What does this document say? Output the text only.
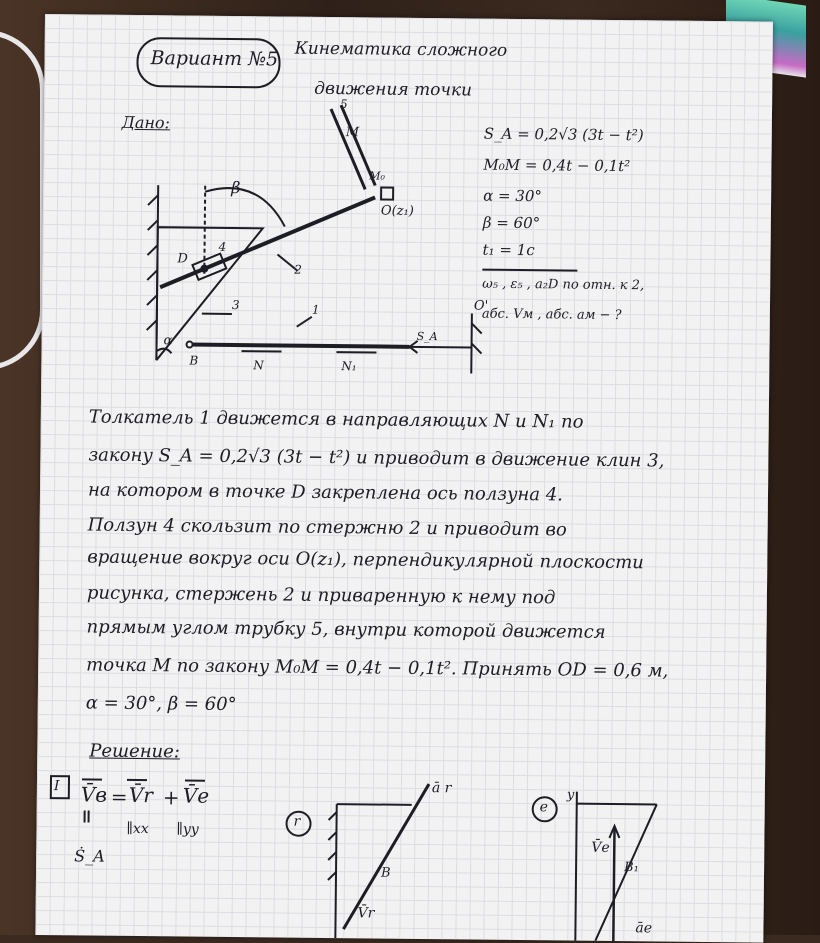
Вариант №5 Кинематика сложного
движения точки
Дано:
S_A = 0,2√3 (3t − t²)
M₀M = 0,4t − 0,1t²
α = 30°
β = 60°
t₁ = 1c
ω₅ , ε₅ , a₂D по отн. к 2,
абс. Vм , абс. aм − ?
β
5
M
M₀
O(z₁)
D
4
2
3	1	O'
S_A
α
B	N	N₁
Толкатель 1 движется в направляющих N и N₁ по
закону S_A = 0,2√3 (3t − t²) и приводит в движение клин 3,
на котором в точке D закреплена ось ползуна 4.
Ползун 4 скользит по стержню 2 и приводит во
вращение вокруг оси O(z₁), перпендикулярной плоскости
рисунка, стержень 2 и приваренную к нему под
прямым углом трубку 5, внутри которой движется
точка M по закону M₀M = 0,4t − 0,1t². Принять OD = 0,6 м,
α = 30°, β = 60°
Решение:
I V̄в = V̄r + V̄e
∥xx ∥yy
Ṡ_A
r
ā r
B
V̄r
e
y
V̄e
B₁
āe
